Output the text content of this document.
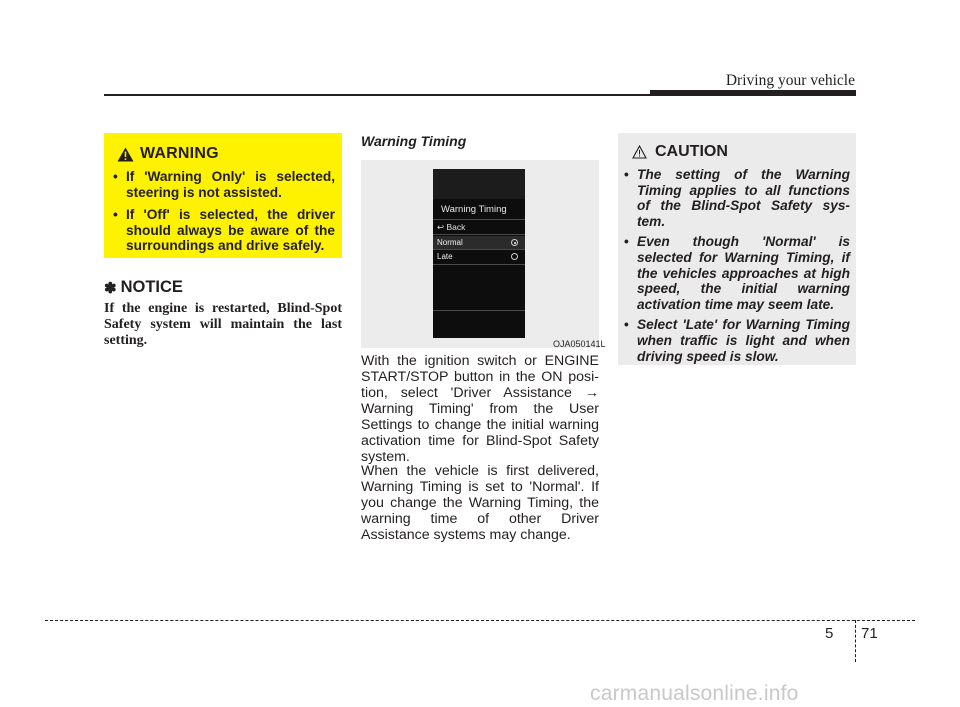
Driving your vehicle
WARNING
• If 'Warning Only' is selected, steering is not assisted.
• If 'Off' is selected, the driver should always be aware of the surroundings and drive safely.
✽ NOTICE
If the engine is restarted, Blind-Spot Safety system will maintain the last setting.
Warning Timing
Warning Timing
↩ Back
Normal
Late
OJA050141L
With the ignition switch or ENGINE START/STOP button in the ON posi-tion, select 'Driver Assistance → Warning Timing' from the User Settings to change the initial warning activation time for Blind-Spot Safety system.
When the vehicle is first delivered, Warning Timing is set to 'Normal'. If you change the Warning Timing, the warning time of other Driver Assistance systems may change.
CAUTION
• The setting of the Warning Timing applies to all functions of the Blind-Spot Safety sys-tem.
• Even though 'Normal' is selected for Warning Timing, if the vehicles approaches at high speed, the initial warning activation time may seem late.
• Select 'Late' for Warning Timing when traffic is light and when driving speed is slow.
5 71
carmanualsonline.info
